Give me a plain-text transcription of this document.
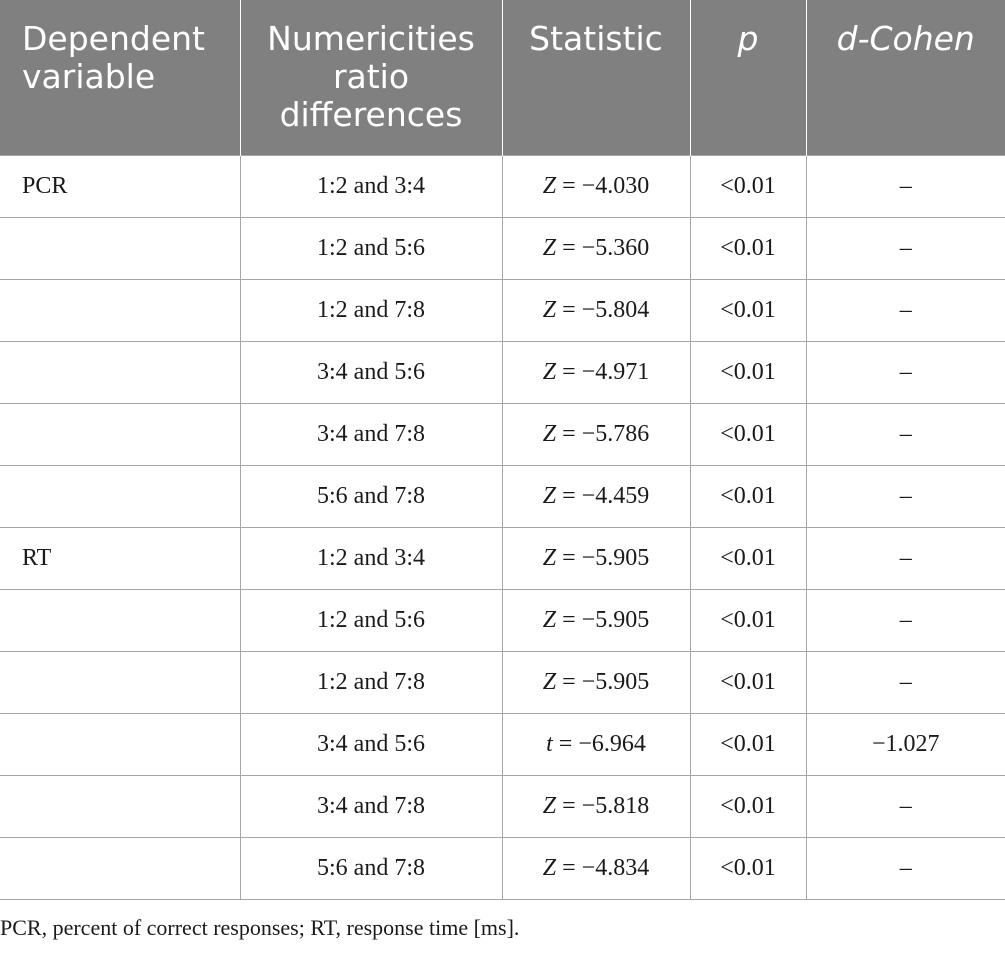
Dependent variable	Numericities ratio differences	Statistic	p	d-Cohen
PCR	1:2 and 3:4	Z = −4.030	<0.01	–
	1:2 and 5:6	Z = −5.360	<0.01	–
	1:2 and 7:8	Z = −5.804	<0.01	–
	3:4 and 5:6	Z = −4.971	<0.01	–
	3:4 and 7:8	Z = −5.786	<0.01	–
	5:6 and 7:8	Z = −4.459	<0.01	–
RT	1:2 and 3:4	Z = −5.905	<0.01	–
	1:2 and 5:6	Z = −5.905	<0.01	–
	1:2 and 7:8	Z = −5.905	<0.01	–
	3:4 and 5:6	t = −6.964	<0.01	−1.027
	3:4 and 7:8	Z = −5.818	<0.01	–
	5:6 and 7:8	Z = −4.834	<0.01	–
PCR, percent of correct responses; RT, response time [ms].
